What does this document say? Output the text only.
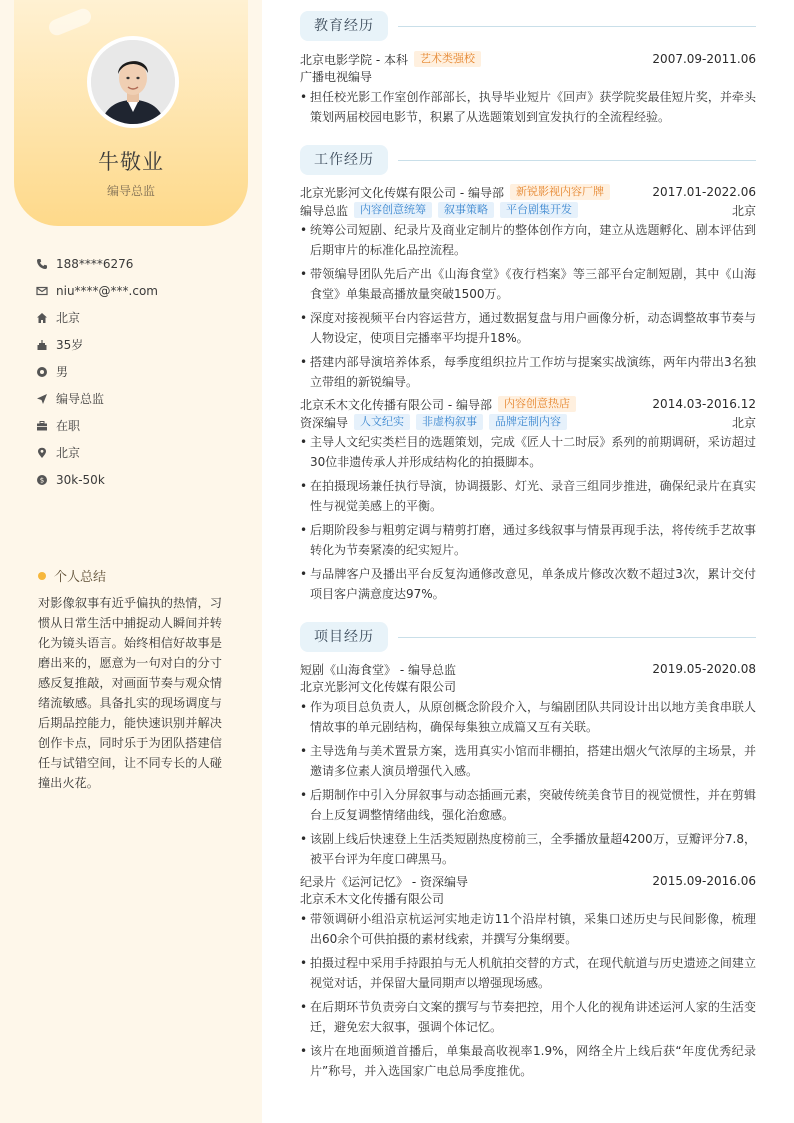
牛敬业
编导总监
188****6276
niu****@***.com
北京
35岁
男
编导总监
在职
北京
$ 30k-50k
个人总结
对影像叙事有近乎偏执的热情，习惯从日常生活中捕捉动人瞬间并转化为镜头语言。始终相信好故事是磨出来的，愿意为一句对白的分寸感反复推敲，对画面节奏与观众情绪流敏感。具备扎实的现场调度与后期品控能力，能快速识别并解决创作卡点，同时乐于为团队搭建信任与试错空间，让不同专长的人碰撞出火花。
教育经历
北京电影学院 - 本科	艺术类强校	2007.09-2011.06
广播电视编导
• 担任校光影工作室创作部部长，执导毕业短片《回声》获学院奖最佳短片奖，并牵头策划两届校园电影节，积累了从选题策划到宣发执行的全流程经验。
工作经历
北京光影河文化传媒有限公司 - 编导部	新锐影视内容厂牌	2017.01-2022.06
编导总监	内容创意统筹	叙事策略	平台剧集开发	北京
• 统筹公司短剧、纪录片及商业定制片的整体创作方向，建立从选题孵化、剧本评估到后期审片的标准化品控流程。
• 带领编导团队先后产出《山海食堂》《夜行档案》等三部平台定制短剧，其中《山海食堂》单集最高播放量突破1500万。
• 深度对接视频平台内容运营方，通过数据复盘与用户画像分析，动态调整故事节奏与人物设定，使项目完播率平均提升18%。
• 搭建内部导演培养体系，每季度组织拉片工作坊与提案实战演练，两年内带出3名独立带组的新锐编导。
北京禾木文化传播有限公司 - 编导部	内容创意热店	2014.03-2016.12
资深编导	人文纪实	非虚构叙事	品牌定制内容	北京
• 主导人文纪实类栏目的选题策划，完成《匠人十二时辰》系列的前期调研，采访超过30位非遗传承人并形成结构化的拍摄脚本。
• 在拍摄现场兼任执行导演，协调摄影、灯光、录音三组同步推进，确保纪录片在真实性与视觉美感上的平衡。
• 后期阶段参与粗剪定调与精剪打磨，通过多线叙事与情景再现手法，将传统手艺故事转化为节奏紧凑的纪实短片。
• 与品牌客户及播出平台反复沟通修改意见，单条成片修改次数不超过3次，累计交付项目客户满意度达97%。
项目经历
短剧《山海食堂》 - 编导总监	2019.05-2020.08
北京光影河文化传媒有限公司
• 作为项目总负责人，从原创概念阶段介入，与编剧团队共同设计出以地方美食串联人情故事的单元剧结构，确保每集独立成篇又互有关联。
• 主导选角与美术置景方案，选用真实小馆而非棚拍，搭建出烟火气浓厚的主场景，并邀请多位素人演员增强代入感。
• 后期制作中引入分屏叙事与动态插画元素，突破传统美食节目的视觉惯性，并在剪辑台上反复调整情绪曲线，强化治愈感。
• 该剧上线后快速登上生活类短剧热度榜前三，全季播放量超4200万，豆瓣评分7.8，被平台评为年度口碑黑马。
纪录片《运河记忆》 - 资深编导	2015.09-2016.06
北京禾木文化传播有限公司
• 带领调研小组沿京杭运河实地走访11个沿岸村镇，采集口述历史与民间影像，梳理出60余个可供拍摄的素材线索，并撰写分集纲要。
• 拍摄过程中采用手持跟拍与无人机航拍交替的方式，在现代航道与历史遗迹之间建立视觉对话，并保留大量同期声以增强现场感。
• 在后期环节负责旁白文案的撰写与节奏把控，用个人化的视角讲述运河人家的生活变迁，避免宏大叙事，强调个体记忆。
• 该片在地面频道首播后，单集最高收视率1.9%，网络全片上线后获“年度优秀纪录片”称号，并入选国家广电总局季度推优。
